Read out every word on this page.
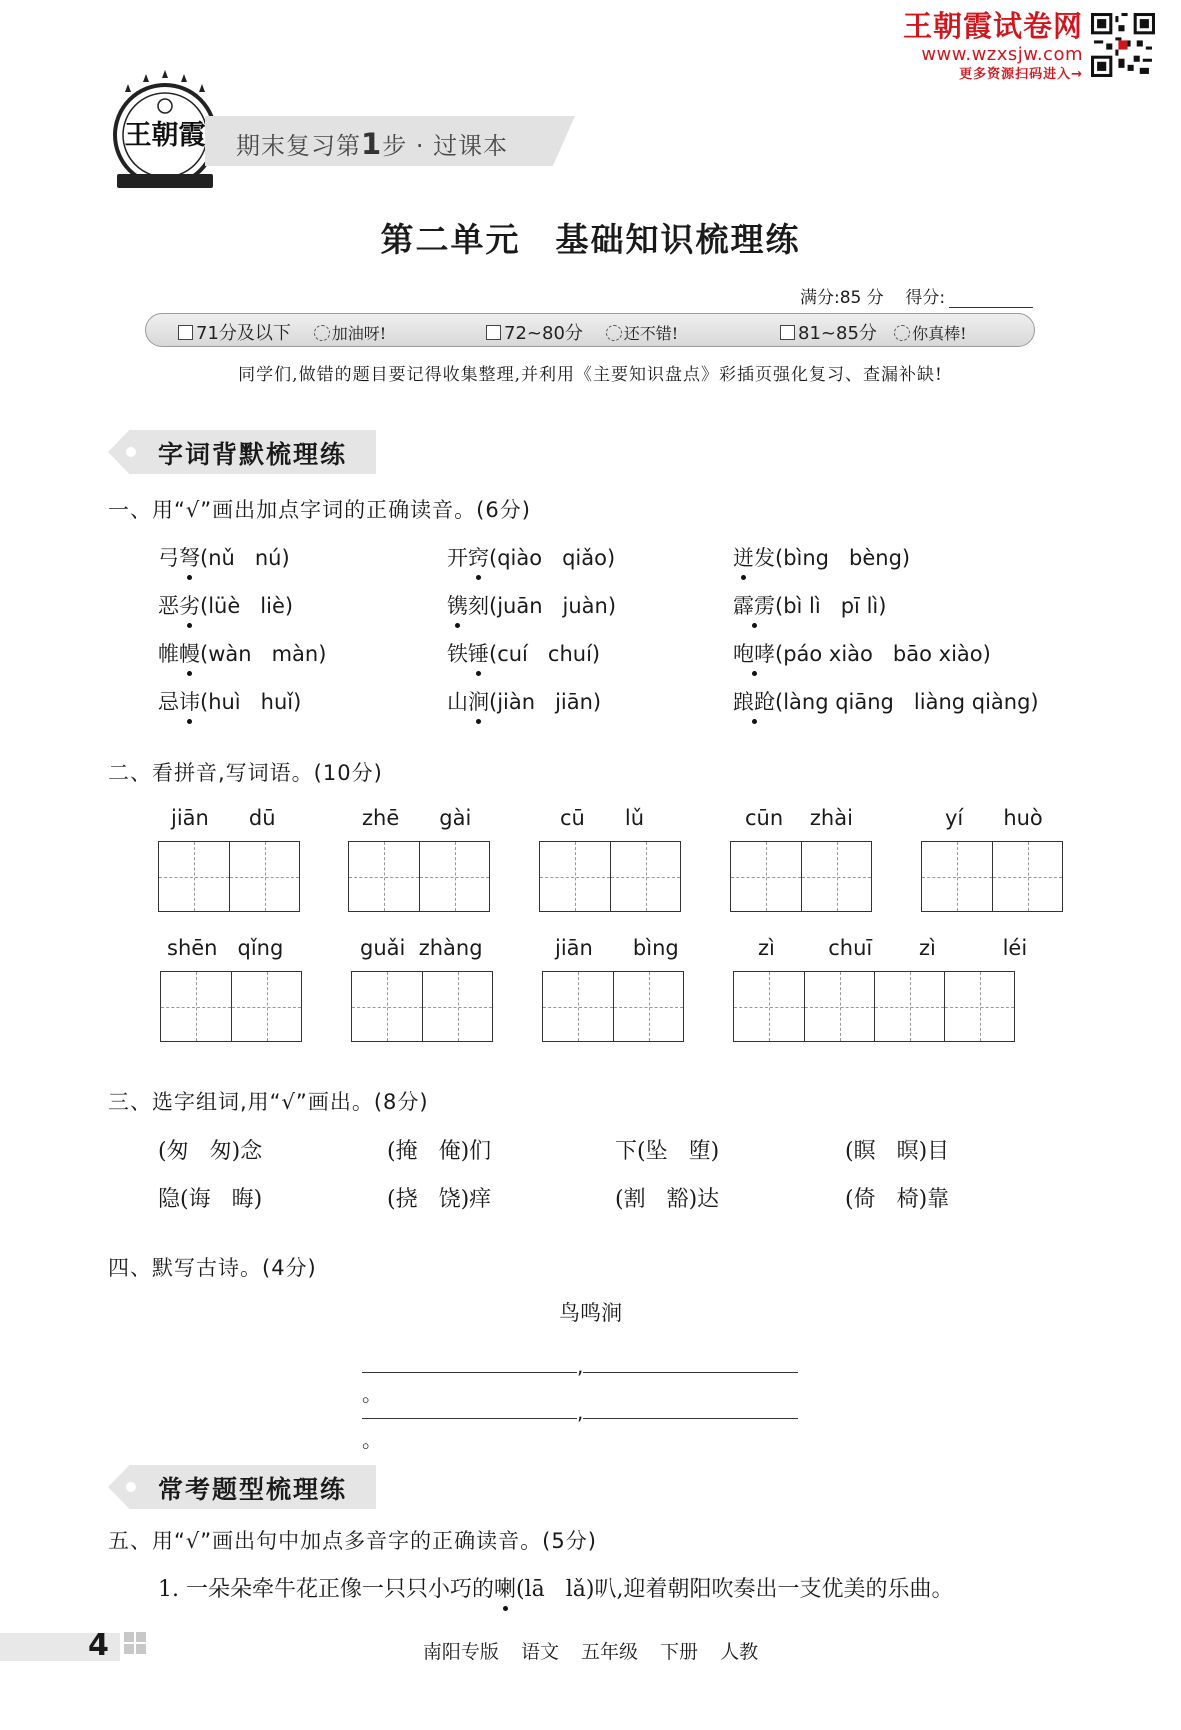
王朝霞试卷网
www.wzxsjw.com
更多资源扫码进入→
王朝霞 期末复习第1步 · 过课本
第二单元　基础知识梳理练
满分:85 分 得分:
71分及以下	加油呀!	72~80分	还不错!	81~85分 你真棒!
同学们,做错的题目要记得收集整理,并利用《主要知识盘点》彩插页强化复习、查漏补缺!
字词背默梳理练
一、用“√”画出加点字词的正确读音。(6分)
弓弩(nǔ   nú)	开窍(qiào   qiǎo)	迸发(bìng   bèng)
恶劣(lüè   liè)	镌刻(juān   juàn)	霹雳(bì lì   pī lì)
帷幔(wàn   màn)	铁锤(cuí   chuí)	咆哮(páo xiào   bāo xiào)
忌讳(huì   huǐ)	山涧(jiàn   jiān)	踉跄(làng qiāng   liàng qiàng)
二、看拼音,写词语。(10分)
jiān      dū	zhē      gài	cū      lǔ	cūn    zhài	yí      huò
shēn   qǐng	guǎi  zhàng	jiān      bìng	zì        chuī       zì          léi
三、选字组词,用“√”画出。(8分)
(匆   匆)念	(掩   俺)们	下(坠   堕)	(瞑   暝)目
隐(诲   晦)	(挠   饶)痒	(割   豁)达	(倚   椅)靠
四、默写古诗。(4分)
鸟鸣涧
,。
,。
常考题型梳理练
五、用“√”画出句中加点多音字的正确读音。(5分)
1. 一朵朵牵牛花正像一只只小巧的喇(lā   lǎ)叭,迎着朝阳吹奏出一支优美的乐曲。
4	南阳专版 语文 五年级 下册 人教
